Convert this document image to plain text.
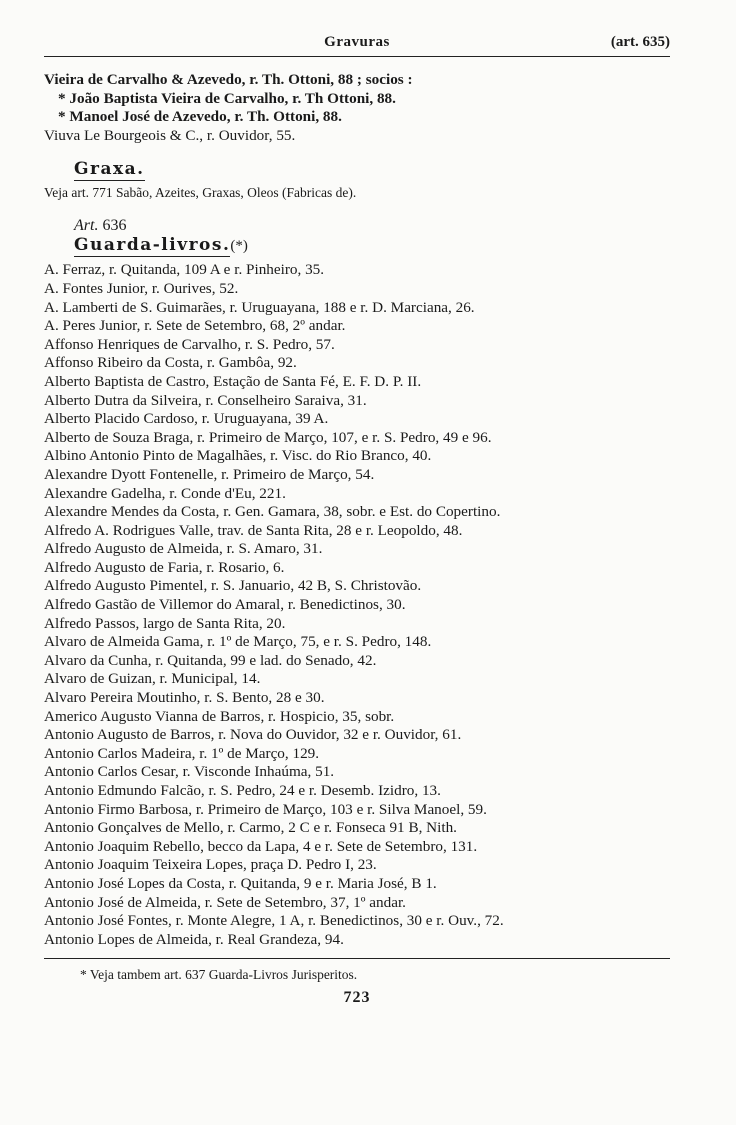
Gravuras	(art. 635)
Vieira de Carvalho & Azevedo, r. Th. Ottoni, 88 ; socios :
* João Baptista Vieira de Carvalho, r. Th Ottoni, 88.
* Manoel José de Azevedo, r. Th. Ottoni, 88.
Viuva Le Bourgeois & C., r. Ouvidor, 55.
Graxa.
Veja art. 771 Sabão, Azeites, Graxas, Oleos (Fabricas de).
Art. 636
Guarda-livros.(*)
A. Ferraz, r. Quitanda, 109 A e r. Pinheiro, 35.
A. Fontes Junior, r. Ourives, 52.
A. Lamberti de S. Guimarães, r. Uruguayana, 188 e r. D. Marciana, 26.
A. Peres Junior, r. Sete de Setembro, 68, 2º andar.
Affonso Henriques de Carvalho, r. S. Pedro, 57.
Affonso Ribeiro da Costa, r. Gambôa, 92.
Alberto Baptista de Castro, Estação de Santa Fé, E. F. D. P. II.
Alberto Dutra da Silveira, r. Conselheiro Saraiva, 31.
Alberto Placido Cardoso, r. Uruguayana, 39 A.
Alberto de Souza Braga, r. Primeiro de Março, 107, e r. S. Pedro, 49 e 96.
Albino Antonio Pinto de Magalhães, r. Visc. do Rio Branco, 40.
Alexandre Dyott Fontenelle, r. Primeiro de Março, 54.
Alexandre Gadelha, r. Conde d'Eu, 221.
Alexandre Mendes da Costa, r. Gen. Gamara, 38, sobr. e Est. do Copertino.
Alfredo A. Rodrigues Valle, trav. de Santa Rita, 28 e r. Leopoldo, 48.
Alfredo Augusto de Almeida, r. S. Amaro, 31.
Alfredo Augusto de Faria, r. Rosario, 6.
Alfredo Augusto Pimentel, r. S. Januario, 42 B, S. Christovão.
Alfredo Gastão de Villemor do Amaral, r. Benedictinos, 30.
Alfredo Passos, largo de Santa Rita, 20.
Alvaro de Almeida Gama, r. 1º de Março, 75, e r. S. Pedro, 148.
Alvaro da Cunha, r. Quitanda, 99 e lad. do Senado, 42.
Alvaro de Guizan, r. Municipal, 14.
Alvaro Pereira Moutinho, r. S. Bento, 28 e 30.
Americo Augusto Vianna de Barros, r. Hospicio, 35, sobr.
Antonio Augusto de Barros, r. Nova do Ouvidor, 32 e r. Ouvidor, 61.
Antonio Carlos Madeira, r. 1º de Março, 129.
Antonio Carlos Cesar, r. Visconde Inhaúma, 51.
Antonio Edmundo Falcão, r. S. Pedro, 24 e r. Desemb. Izidro, 13.
Antonio Firmo Barbosa, r. Primeiro de Março, 103 e r. Silva Manoel, 59.
Antonio Gonçalves de Mello, r. Carmo, 2 C e r. Fonseca 91 B, Nith.
Antonio Joaquim Rebello, becco da Lapa, 4 e r. Sete de Setembro, 131.
Antonio Joaquim Teixeira Lopes, praça D. Pedro I, 23.
Antonio José Lopes da Costa, r. Quitanda, 9 e r. Maria José, B 1.
Antonio José de Almeida, r. Sete de Setembro, 37, 1º andar.
Antonio José Fontes, r. Monte Alegre, 1 A, r. Benedictinos, 30 e r. Ouv., 72.
Antonio Lopes de Almeida, r. Real Grandeza, 94.
* Veja tambem art. 637 Guarda-Livros Jurisperitos.
723
